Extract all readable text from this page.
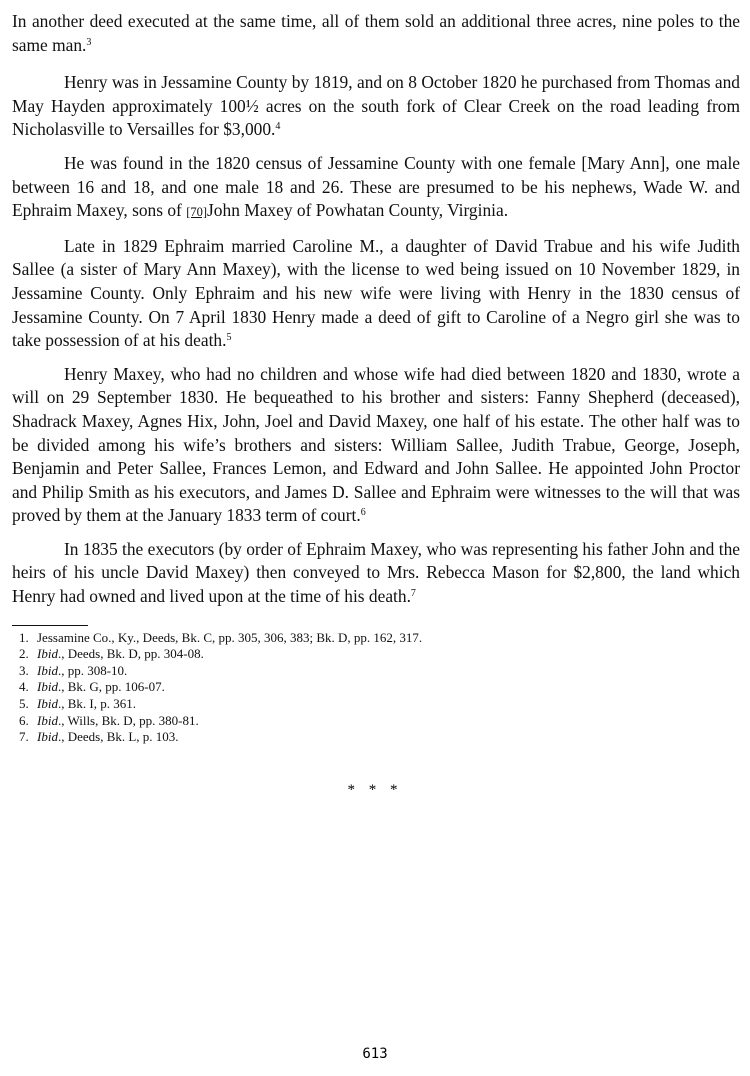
In another deed executed at the same time, all of them sold an additional three acres, nine poles to the same man.$^3$

Henry was in Jessamine County by 1819, and on 8 October 1820 he purchased from Thomas and May Hayden approximately 100½ acres on the south fork of Clear Creek on the road leading from Nicholasville to Versailles for $3,000.$^4$

He was found in the 1820 census of Jessamine County with one female [Mary Ann], one male between 16 and 18, and one male 18 and 26. These are presumed to be his nephews, Wade W. and Ephraim Maxey, sons of [70]John Maxey of Powhatan County, Virginia.

Late in 1829 Ephraim married Caroline M., a daughter of David Trabue and his wife Judith Sallee (a sister of Mary Ann Maxey), with the license to wed being issued on 10 November 1829, in Jessamine County. Only Ephraim and his new wife were living with Henry in the 1830 census of Jessamine County. On 7 April 1830 Henry made a deed of gift to Caroline of a Negro girl she was to take possession of at his death.$^5$

Henry Maxey, who had no children and whose wife had died between 1820 and 1830, wrote a will on 29 September 1830. He bequeathed to his brother and sisters: Fanny Shepherd (deceased), Shadrack Maxey, Agnes Hix, John, Joel and David Maxey, one half of his estate. The other half was to be divided among his wife’s brothers and sisters: William Sallee, Judith Trabue, George, Joseph, Benjamin and Peter Sallee, Frances Lemon, and Edward and John Sallee. He appointed John Proctor and Philip Smith as his executors, and James D. Sallee and Ephraim were witnesses to the will that was proved by them at the January 1833 term of court.$^6$

In 1835 the executors (by order of Ephraim Maxey, who was representing his father John and the heirs of his uncle David Maxey) then conveyed to Mrs. Rebecca Mason for $2,800, the land which Henry had owned and lived upon at the time of his death.$^7$

1. Jessamine Co., Ky., Deeds, Bk. C, pp. 305, 306, 383; Bk. D, pp. 162, 317.
2. Ibid., Deeds, Bk. D, pp. 304-08.
3. Ibid., pp. 308-10.
4. Ibid., Bk. G, pp. 106-07.
5. Ibid., Bk. I, p. 361.
6. Ibid., Wills, Bk. D, pp. 380-81.
7. Ibid., Deeds, Bk. L, p. 103.
* * *
613
